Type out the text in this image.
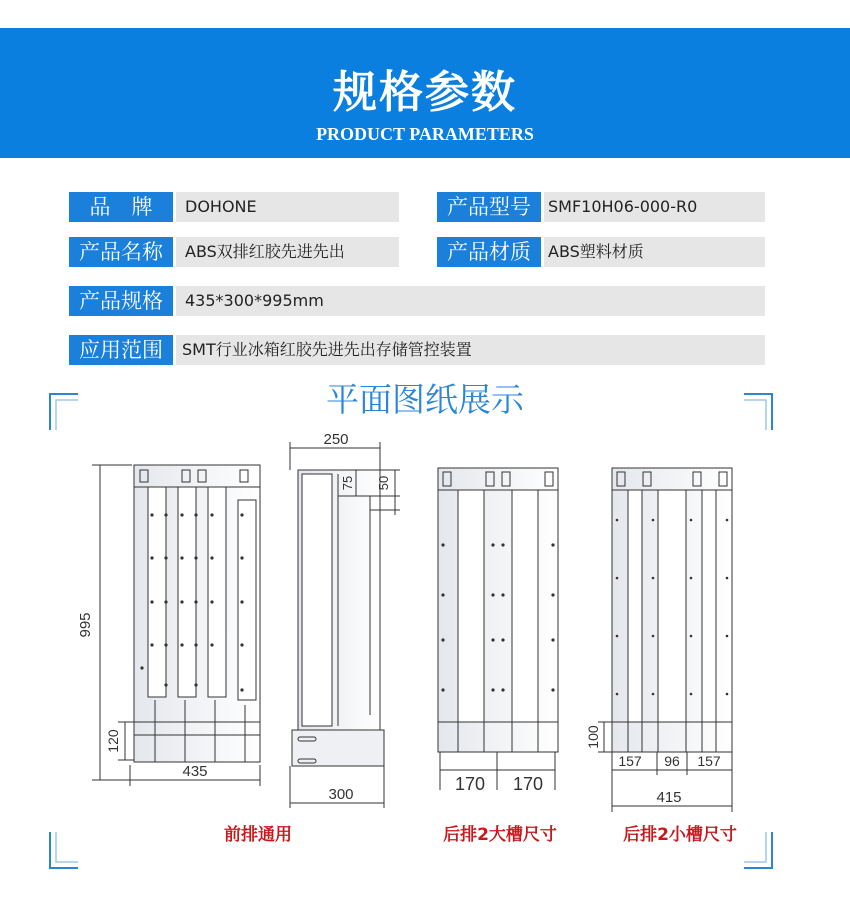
规格参数
PRODUCT PARAMETERS
品　牌	DOHONE	产品型号	SMF10H06-000-R0
产品名称	ABS双排红胶先进先出	产品材质	ABS塑料材质
产品规格	435*300*995mm
应用范围	SMT行业冰箱红胶先进先出存储管控装置
平面图纸展示
995
120
435
250
75 50
300
170 170
100
157 96 157
415
前排通用	后排2大槽尺寸	后排2小槽尺寸
